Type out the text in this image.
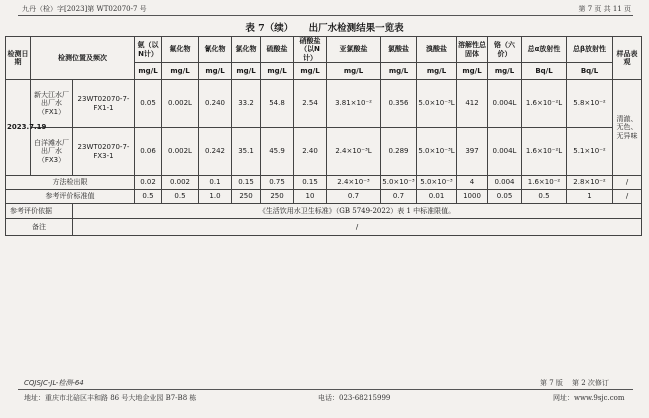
九丹（检）字[2023]第 WT02070-7 号	第 7 页 共 11 页
表 7（续） 出厂水检测结果一览表
检测日期	检测位置及频次		氨（以N计）	氟化物	氰化物	氯化物	硫酸盐	硝酸盐（以N计）	亚氯酸盐	氯酸盐	溴酸盐	溶解性总固体	铬（六价）	总α放射性	总β放射性	样品表观
			mg/L	mg/L	mg/L	mg/L	mg/L	mg/L	mg/L	mg/L	mg/L	mg/L	mg/L	Bq/L	Bq/L	
2023.7.19	新大江水厂出厂水（FX1）	23WT02070-7-FX1-1	0.05	0.002L	0.240	33.2	54.8	2.54	3.81×10⁻²	0.356	5.0×10⁻³L	412	0.004L	1.6×10⁻²L	5.8×10⁻²	清澈、无色、无异味
	白洋滩水厂出厂水（FX3）	23WT02070-7-FX3-1	0.06	0.002L	0.242	35.1	45.9	2.40	2.4×10⁻³L	0.289	5.0×10⁻³L	397	0.004L	1.6×10⁻²L	5.1×10⁻²	
方法检出限			0.02	0.002	0.1	0.15	0.75	0.15	2.4×10⁻³	5.0×10⁻³	5.0×10⁻³	4	0.004	1.6×10⁻²	2.8×10⁻²	/
参考评价标准值			0.5	0.5	1.0	250	250	10	0.7	0.7	0.01	1000	0.05	0.5	1	/
参考评价依据		《生活饮用水卫生标准》（GB 5749-2022）表 1 中标准限值。														
备注		/														
CQJSJC-JL-检测-64	第 7 版 第 2 次修订
地址：重庆市北碚区丰和路 86 号大地企业园 B7-B8 栋	电话：023-68215999	网址：www.9sjc.com
